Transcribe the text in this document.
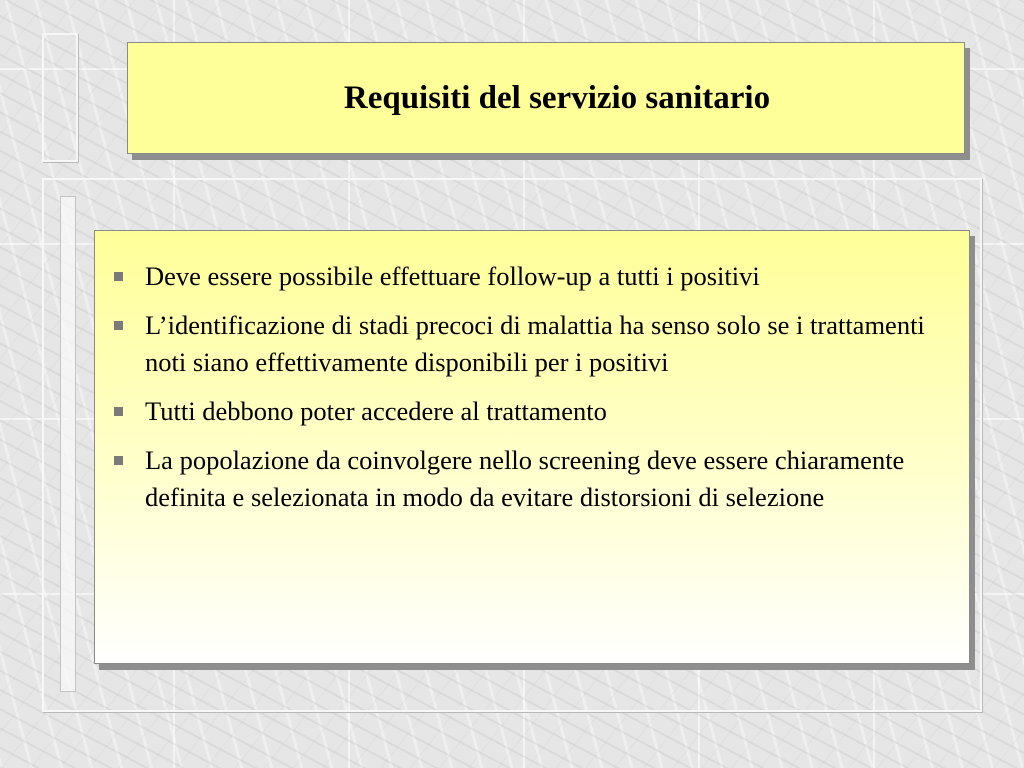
Requisiti del servizio sanitario
Deve essere possibile effettuare follow-up a tutti i positivi
L’identificazione di stadi precoci di malattia ha senso solo se i trattamenti noti siano effettivamente disponibili per i positivi
Tutti debbono poter accedere al trattamento
La popolazione da coinvolgere nello screening deve essere chiaramente definita e selezionata in modo da evitare distorsioni di selezione
